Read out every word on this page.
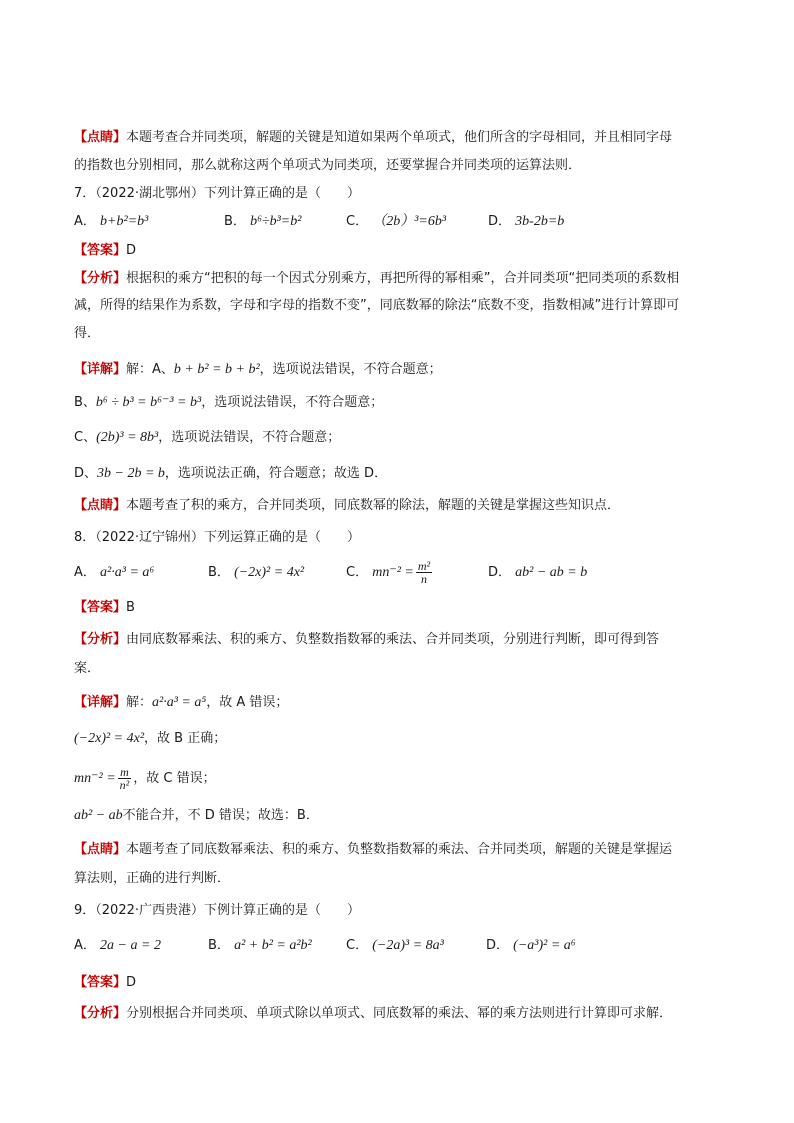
【点睛】本题考查合并同类项，解题的关键是知道如果两个单项式，他们所含的字母相同，并且相同字母
的指数也分别相同，那么就称这两个单项式为同类项，还要掌握合并同类项的运算法则．
7．（2022·湖北鄂州）下列计算正确的是（　　）
A． b+b²=b³	B． b⁶÷b³=b²	C． （2b）³=6b³	D． 3b-2b=b
【答案】D
【分析】根据积的乘方“把积的每一个因式分别乘方，再把所得的幂相乘”，合并同类项“把同类项的系数相
减，所得的结果作为系数，字母和字母的指数不变”，同底数幂的除法“底数不变，指数相减”进行计算即可
得．
【详解】解：A、b + b² = b + b²，选项说法错误，不符合题意；
B、b⁶ ÷ b³ = b⁶⁻³ = b³，选项说法错误，不符合题意；
C、(2b)³ = 8b³，选项说法错误，不符合题意；
D、3b − 2b = b，选项说法正确，符合题意；故选 D．
【点睛】本题考查了积的乘方，合并同类项，同底数幂的除法，解题的关键是掌握这些知识点．
8．（2022·辽宁锦州）下列运算正确的是（　　）
A． a²·a³ = a⁶	B． (−2x)² = 4x²	C． $mn^{-2} = \frac{\text{m²}}{n}$	D． ab² − ab = b
【答案】B
【分析】由同底数幂乘法、积的乘方、负整数指数幂的乘法、合并同类项，分别进行判断，即可得到答
案．
【详解】解：a²·a³ = a⁵，故 A 错误；
(−2x)² = 4x²，故 B 正确；
$mn^{-2} = \frac{m}{\text{n²}}$ ，故 C 错误；
ab² − ab不能合并，不 D 错误；故选：B．
【点睛】本题考查了同底数幂乘法、积的乘方、负整数指数幂的乘法、合并同类项，解题的关键是掌握运
算法则，正确的进行判断．
9．（2022·广西贵港）下例计算正确的是（　　）
A． 2a − a = 2	B． a² + b² = a²b²	C． (−2a)³ = 8a³	D． (−a³)² = a⁶
【答案】D
【分析】分别根据合并同类项、单项式除以单项式、同底数幂的乘法、幂的乘方法则进行计算即可求解．
